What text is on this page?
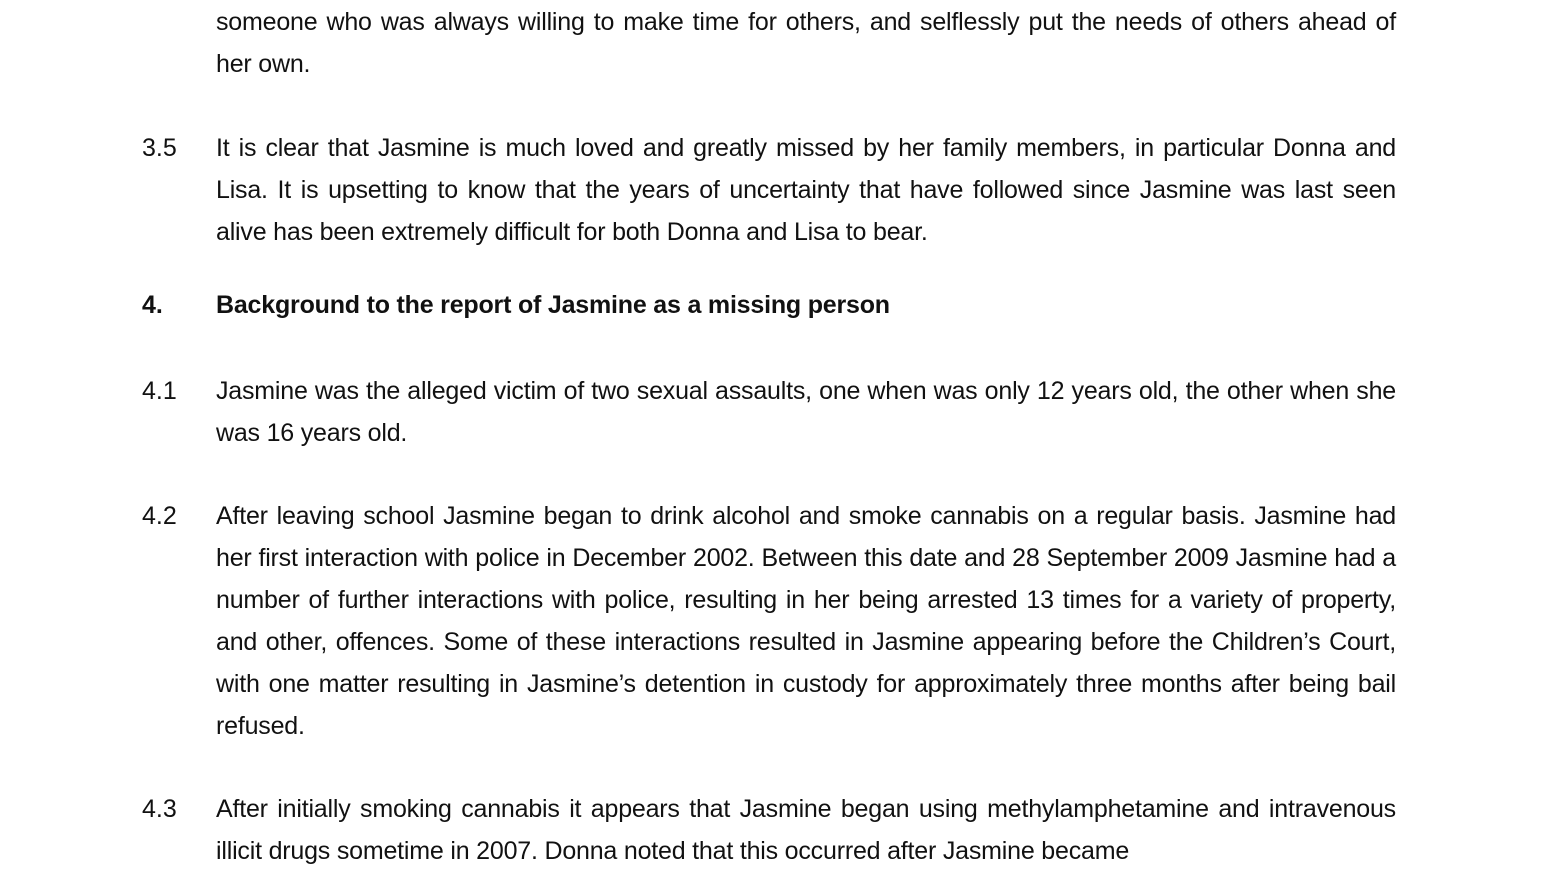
someone who was always willing to make time for others, and selflessly put the needs of others ahead of her own.
3.5 It is clear that Jasmine is much loved and greatly missed by her family members, in particular Donna and Lisa. It is upsetting to know that the years of uncertainty that have followed since Jasmine was last seen alive has been extremely difficult for both Donna and Lisa to bear.
4. Background to the report of Jasmine as a missing person
4.1 Jasmine was the alleged victim of two sexual assaults, one when was only 12 years old, the other when she was 16 years old.
4.2 After leaving school Jasmine began to drink alcohol and smoke cannabis on a regular basis. Jasmine had her first interaction with police in December 2002. Between this date and 28 September 2009 Jasmine had a number of further interactions with police, resulting in her being arrested 13 times for a variety of property, and other, offences. Some of these interactions resulted in Jasmine appearing before the Children’s Court, with one matter resulting in Jasmine’s detention in custody for approximately three months after being bail refused.
4.3 After initially smoking cannabis it appears that Jasmine began using methylamphetamine and intravenous illicit drugs sometime in 2007. Donna noted that this occurred after Jasmine became
